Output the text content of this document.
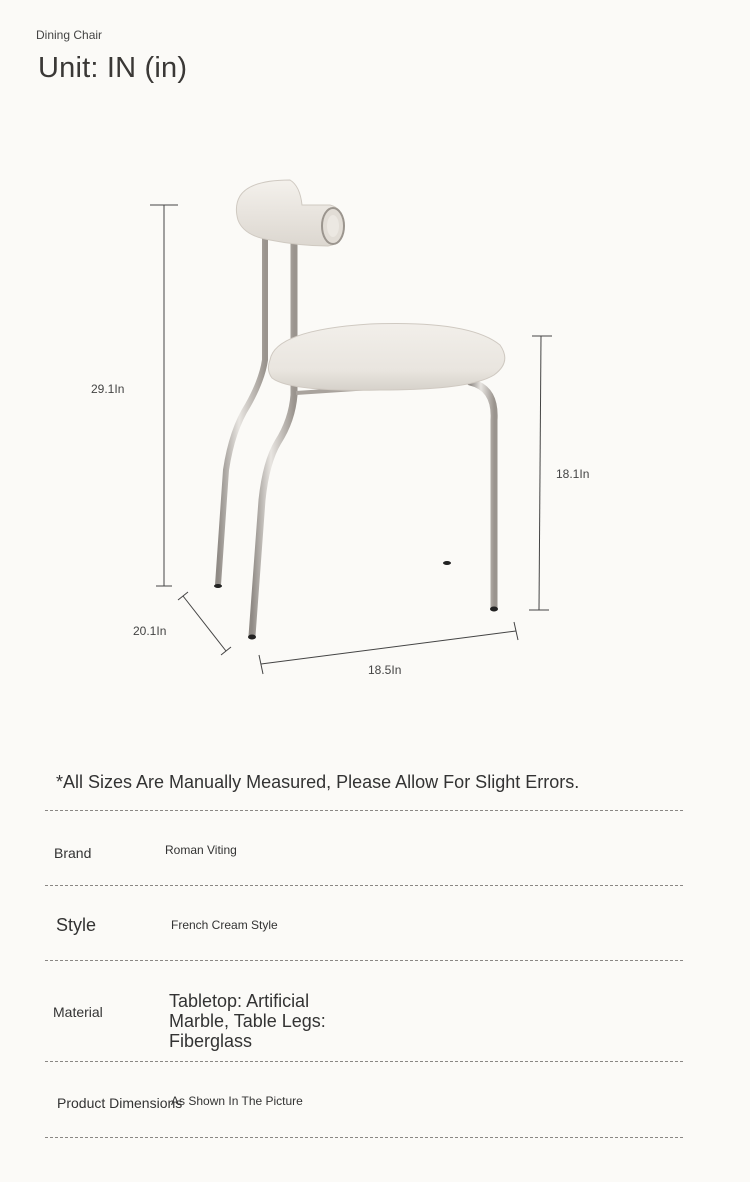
Dining Chair
Unit: IN (in)
29.1In
18.1In
20.1In
18.5In
*All Sizes Are Manually Measured, Please Allow For Slight Errors.
Brand	Roman Viting
Style	French Cream Style
Material
Tabletop: Artificial Marble, Table Legs: Fiberglass
Product Dimensions
As Shown In The Picture
